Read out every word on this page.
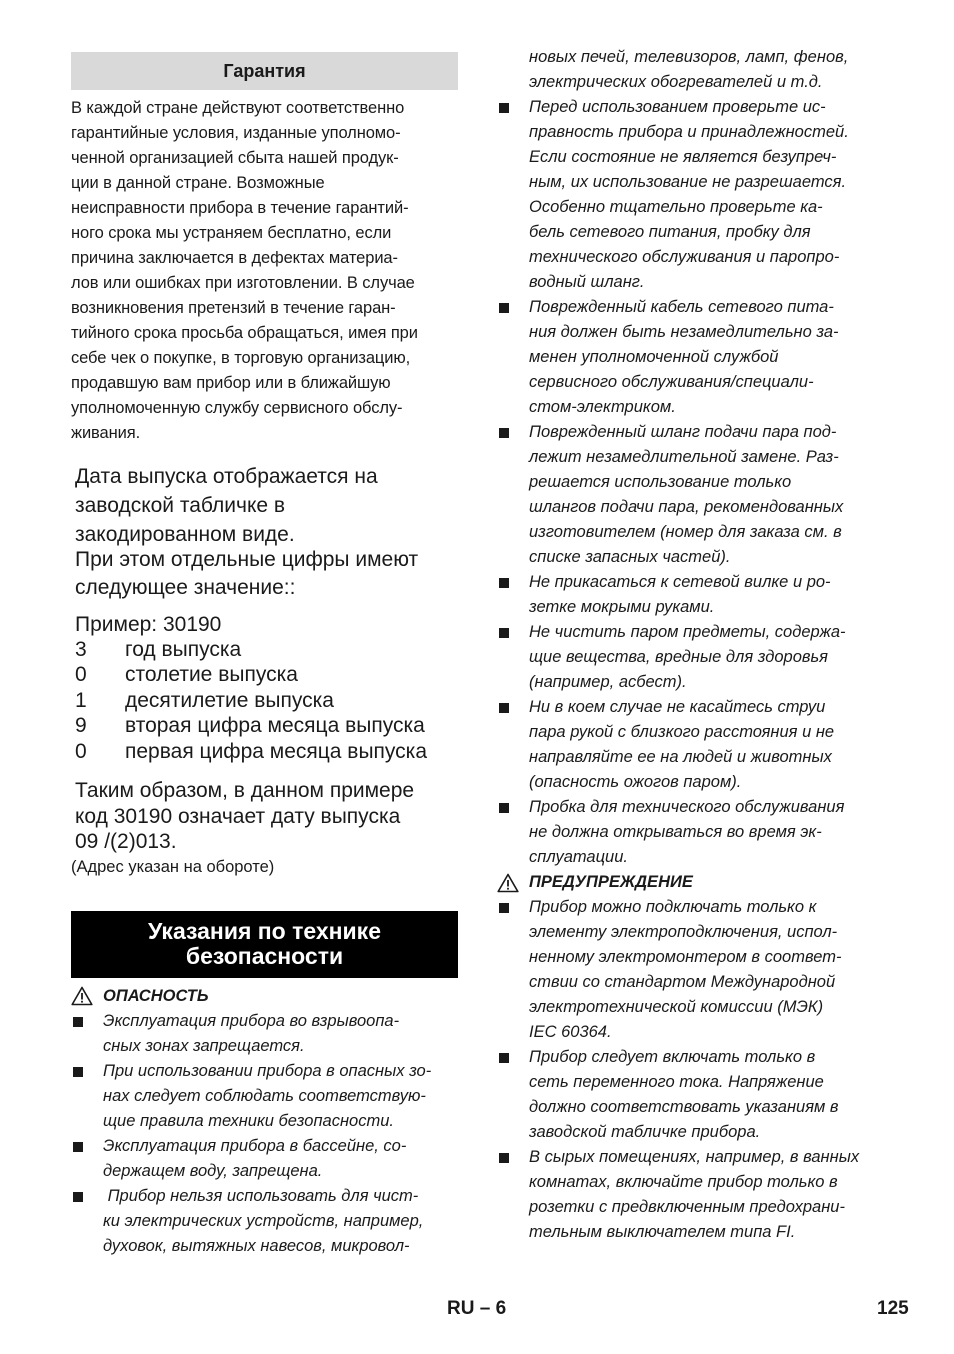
Гарантия

В каждой стране действуют соответственно
гарантийные условия, изданные уполномо-
ченной организацией сбыта нашей продук-
ции в данной стране. Возможные
неисправности прибора в течение гарантий-
ного срока мы устраняем бесплатно, если
причина заключается в дефектах материа-
лов или ошибках при изготовлении. В случае
возникновения претензий в течение гаран-
тийного срока просьба обращаться, имея при
себе чек о покупке, в торговую организацию,
продавшую вам прибор или в ближайшую
уполномоченную службу сервисного обслу-
живания.

Дата выпуска отображается на
заводской табличке в
закодированном виде.
При этом отдельные цифры имеют
следующее значение::
Пример: 30190
3	год выпуска
0	столетие выпуска
1	десятилетие выпуска
9	вторая цифра месяца выпуска
0	первая цифра месяца выпуска
Таким образом, в данном примере
код 30190 означает дату выпуска
09 /(2)013.

(Адрес указан на обороте)

Указания по технике
безопасности
ОПАСНОСТЬ
Эксплуатация прибора во взрывоопа-
сных зонах запрещается.
При использовании прибора в опасных зо-
нах следует соблюдать соответствую-
щие правила техники безопасности.
Эксплуатация прибора в бассейне, со-
держащем воду, запрещена.
Прибор нельзя использовать для чист-
ки электрических устройств, например,
духовок, вытяжных навесов, микровол-
новых печей, телевизоров, ламп, фенов,
электрических обогревателей и т.д.
Перед использованием проверьте ис-
правность прибора и принадлежностей.
Если состояние не является безупреч-
ным, их использование не разрешается.
Особенно тщательно проверьте ка-
бель сетевого питания, пробку для
технического обслуживания и паропро-
водный шланг.
Поврежденный кабель сетевого пита-
ния должен быть незамедлительно за-
менен уполномоченной службой
сервисного обслуживания/специали-
стом-электриком.
Поврежденный шланг подачи пара под-
лежит незамедлительной замене. Раз-
решается использование только
шлангов подачи пара, рекомендованных
изготовителем (номер для заказа см. в
списке запасных частей).
Не прикасаться к сетевой вилке и ро-
зетке мокрыми руками.
Не чистить паром предметы, содержа-
щие вещества, вредные для здоровья
(например, асбест).
Ни в коем случае не касайтесь струи
пара рукой с близкого расстояния и не
направляйте ее на людей и животных
(опасность ожогов паром).
Пробка для технического обслуживания
не должна открываться во время эк-
сплуатации.
ПРЕДУПРЕЖДЕНИЕ
Прибор можно подключать только к
элементу электроподключения, испол-
ненному электромонтером в соответ-
ствии со стандартом Международной
электротехнической комиссии (МЭК)
IEC 60364.
Прибор следует включать только в
сеть переменного тока. Напряжение
должно соответствовать указаниям в
заводской табличке прибора.
В сырых помещениях, например, в ванных
комнатах, включайте прибор только в
розетки с предвключенным предохрани-
тельным выключателем типа FI.
RU – 6	125
